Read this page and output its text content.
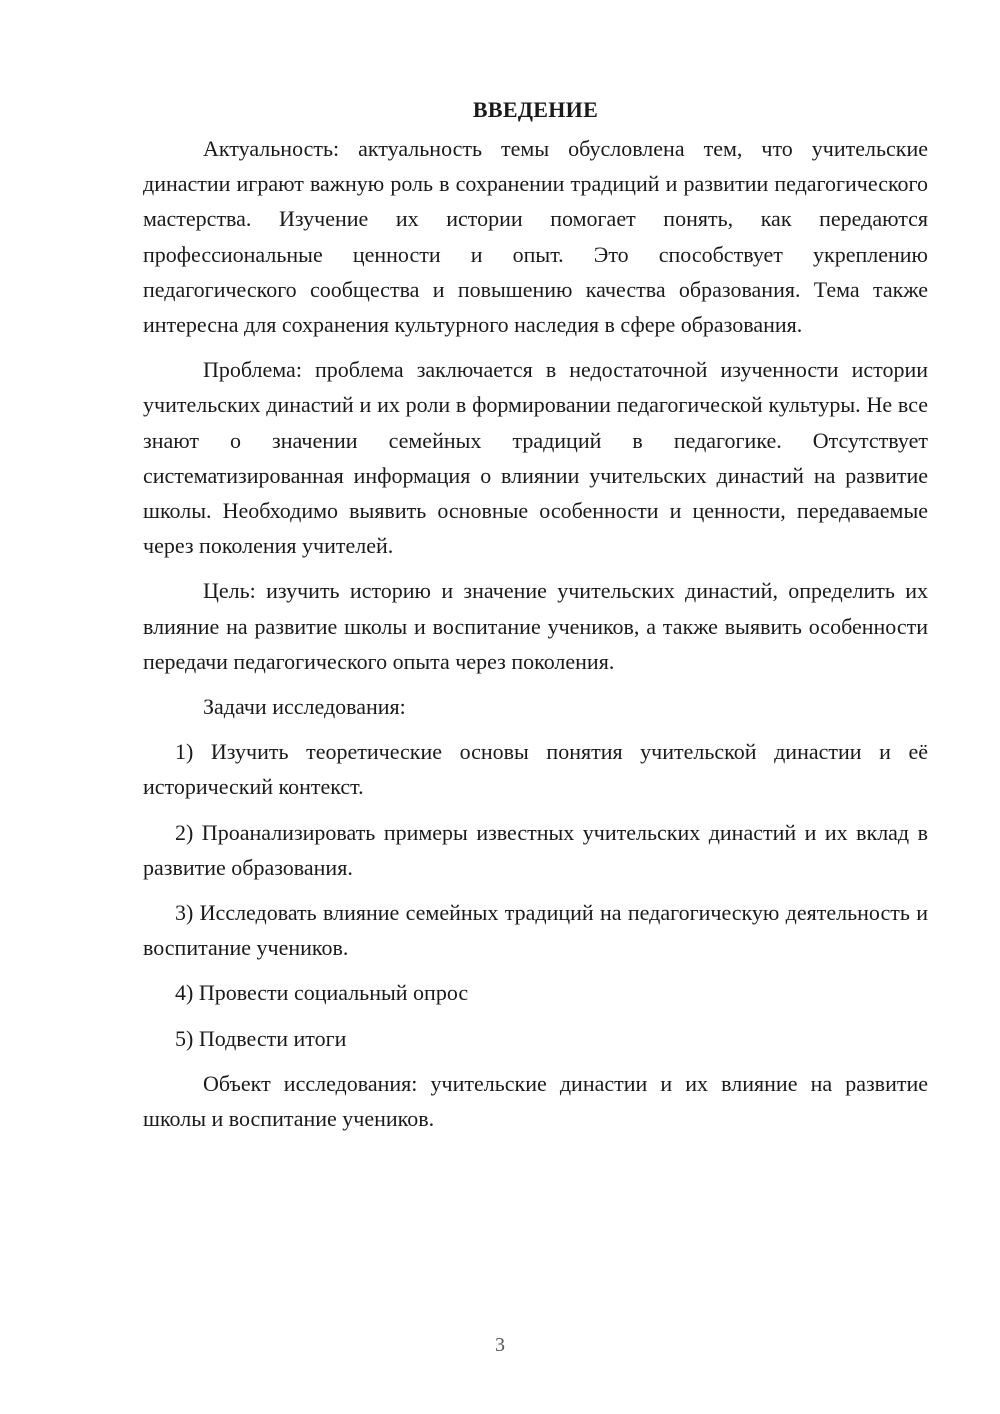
ВВЕДЕНИЕ

Актуальность: актуальность темы обусловлена тем, что учительские династии играют важную роль в сохранении традиций и развитии педагогического мастерства. Изучение их истории помогает понять, как передаются профессиональные ценности и опыт. Это способствует укреплению педагогического сообщества и повышению качества образования. Тема также интересна для сохранения культурного наследия в сфере образования.

Проблема: проблема заключается в недостаточной изученности истории учительских династий и их роли в формировании педагогической культуры. Не все знают о значении семейных традиций в педагогике. Отсутствует систематизированная информация о влиянии учительских династий на развитие школы. Необходимо выявить основные особенности и ценности, передаваемые через поколения учителей.

Цель: изучить историю и значение учительских династий, определить их влияние на развитие школы и воспитание учеников, а также выявить особенности передачи педагогического опыта через поколения.

Задачи исследования:

1) Изучить теоретические основы понятия учительской династии и её исторический контекст.

2) Проанализировать примеры известных учительских династий и их вклад в развитие образования.

3) Исследовать влияние семейных традиций на педагогическую деятельность и воспитание учеников.

4) Провести социальный опрос

5) Подвести итоги

Объект исследования: учительские династии и их влияние на развитие школы и воспитание учеников.

3
